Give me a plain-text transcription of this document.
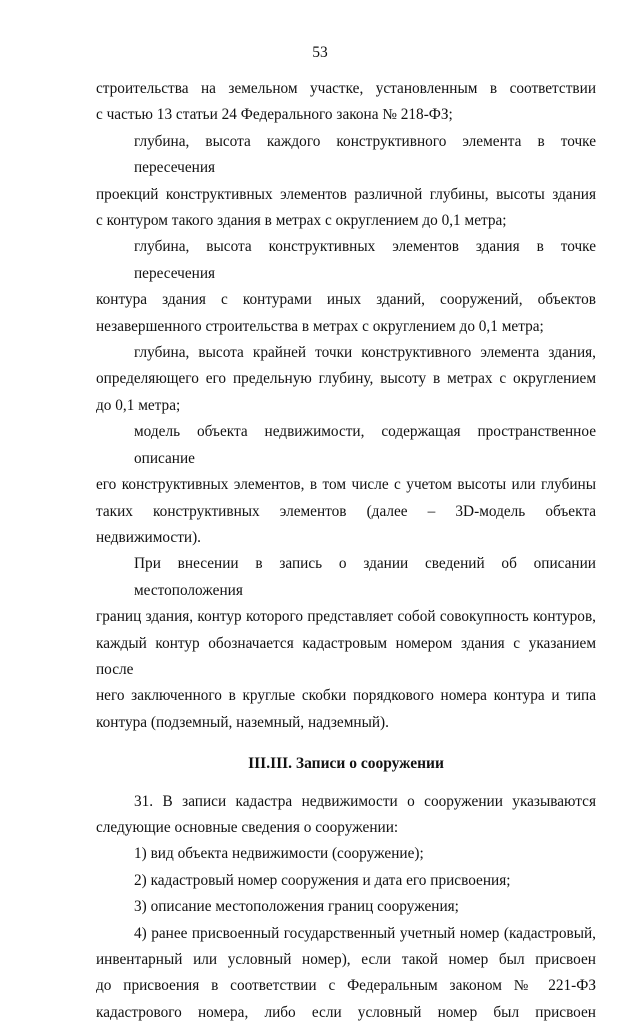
53

строительства на земельном участке, установленным в соответствии
с частью 13 статьи 24 Федерального закона № 218-ФЗ;

глубина, высота каждого конструктивного элемента в точке пересечения
проекций конструктивных элементов различной глубины, высоты здания
с контуром такого здания в метрах с округлением до 0,1 метра;

глубина, высота конструктивных элементов здания в точке пересечения
контура здания с контурами иных зданий, сооружений, объектов
незавершенного строительства в метрах с округлением до 0,1 метра;

глубина, высота крайней точки конструктивного элемента здания,
определяющего его предельную глубину, высоту в метрах с округлением
до 0,1 метра;

модель объекта недвижимости, содержащая пространственное описание
его конструктивных элементов, в том числе с учетом высоты или глубины
таких конструктивных элементов (далее – 3D-модель объекта недвижимости).

При внесении в запись о здании сведений об описании местоположения
границ здания, контур которого представляет собой совокупность контуров,
каждый контур обозначается кадастровым номером здания с указанием после
него заключенного в круглые скобки порядкового номера контура и типа
контура (подземный, наземный, надземный).

III.III. Записи о сооружении

31. В записи кадастра недвижимости о сооружении указываются
следующие основные сведения о сооружении:

1) вид объекта недвижимости (сооружение);

2) кадастровый номер сооружения и дата его присвоения;

3) описание местоположения границ сооружения;

4) ранее присвоенный государственный учетный номер (кадастровый,
инвентарный или условный номер), если такой номер был присвоен
до присвоения в соответствии с Федеральным законом № 221-ФЗ
кадастрового номера, либо если условный номер был присвоен
